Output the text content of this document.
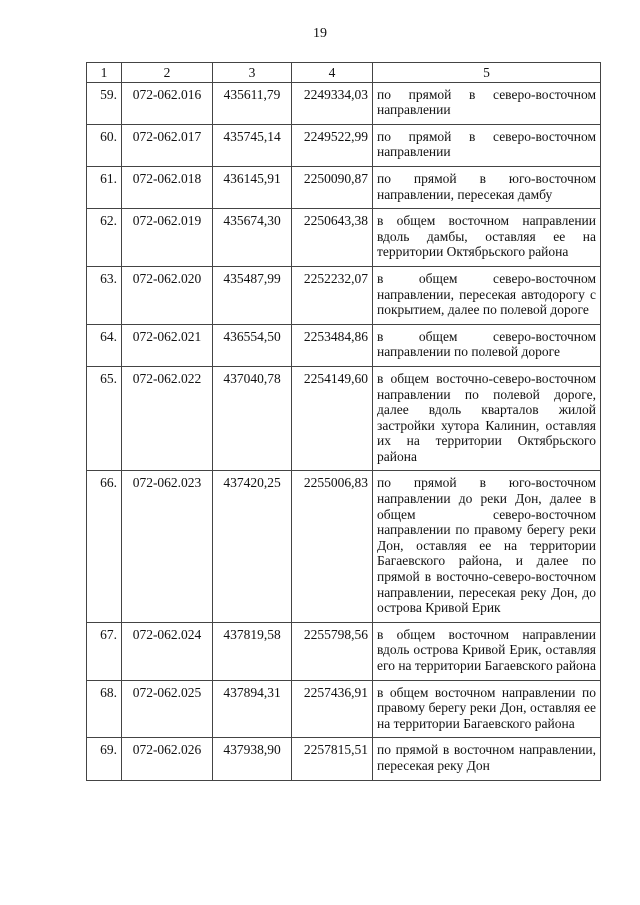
19
1	2	3	4	5
59.	072-062.016	435611,79	2249334,03	по прямой в северо-восточном направлении
60.	072-062.017	435745,14	2249522,99	по прямой в северо-восточном направлении
61.	072-062.018	436145,91	2250090,87	по прямой в юго-восточном направлении, пересекая дамбу
62.	072-062.019	435674,30	2250643,38	в общем восточном направлении вдоль дамбы, оставляя ее на территории Октябрьского района
63.	072-062.020	435487,99	2252232,07	в общем северо-восточном направлении, пересекая автодорогу с покрытием, далее по полевой дороге
64.	072-062.021	436554,50	2253484,86	в общем северо-восточном направлении по полевой дороге
65.	072-062.022	437040,78	2254149,60	в общем восточно-северо-восточном направлении по полевой дороге, далее вдоль кварталов жилой застройки хутора Калинин, оставляя их на территории Октябрьского района
66.	072-062.023	437420,25	2255006,83	по прямой в юго-восточном направлении до реки Дон, далее в общем северо-восточном направлении по правому берегу реки Дон, оставляя ее на территории Багаевского района, и далее по прямой в восточно-северо-восточном направлении, пересекая реку Дон, до острова Кривой Ерик
67.	072-062.024	437819,58	2255798,56	в общем восточном направлении вдоль острова Кривой Ерик, оставляя его на территории Багаевского района
68.	072-062.025	437894,31	2257436,91	в общем восточном направлении по правому берегу реки Дон, оставляя ее на территории Багаевского района
69.	072-062.026	437938,90	2257815,51	по прямой в восточном направлении, пересекая реку Дон
